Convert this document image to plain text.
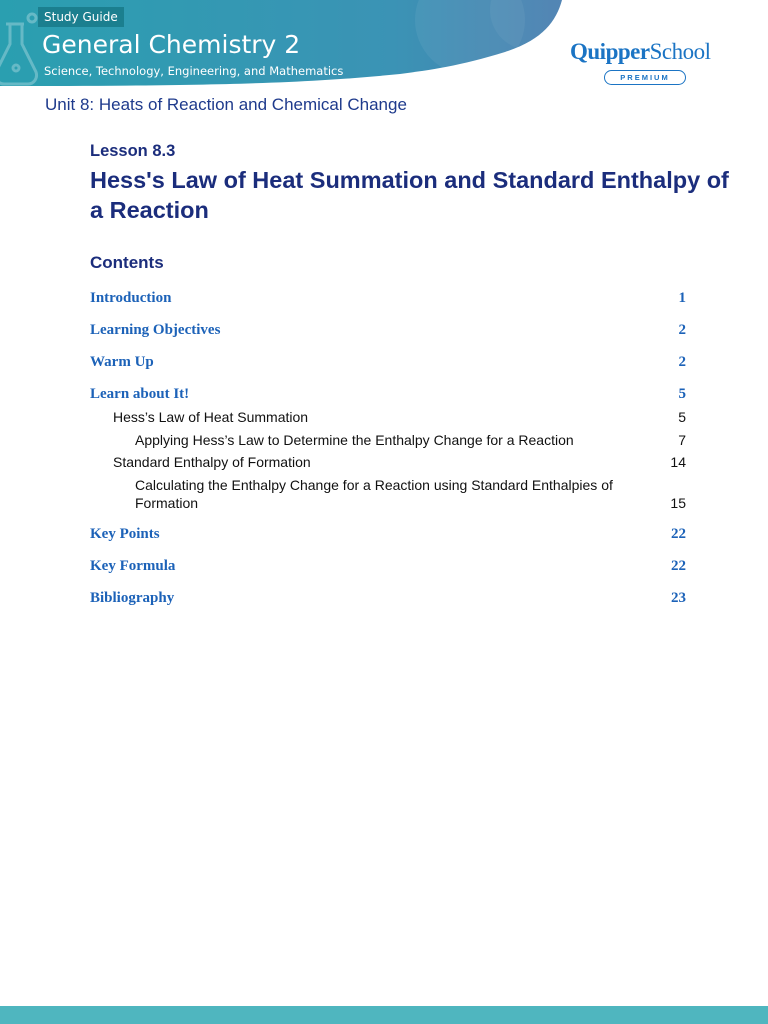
Study Guide
General Chemistry 2
Science, Technology, Engineering, and Mathematics
QuipperSchool
PREMIUM
Unit 8: Heats of Reaction and Chemical Change
Lesson 8.3
Hess's Law of Heat Summation and Standard Enthalpy of a Reaction
Contents
Introduction	1
Learning Objectives	2
Warm Up	2
Learn about It!	5
Hess’s Law of Heat Summation	5
Applying Hess’s Law to Determine the Enthalpy Change for a Reaction	7
Standard Enthalpy of Formation	14
Calculating the Enthalpy Change for a Reaction using Standard Enthalpies of Formation	15
Key Points	22
Key Formula	22
Bibliography	23
